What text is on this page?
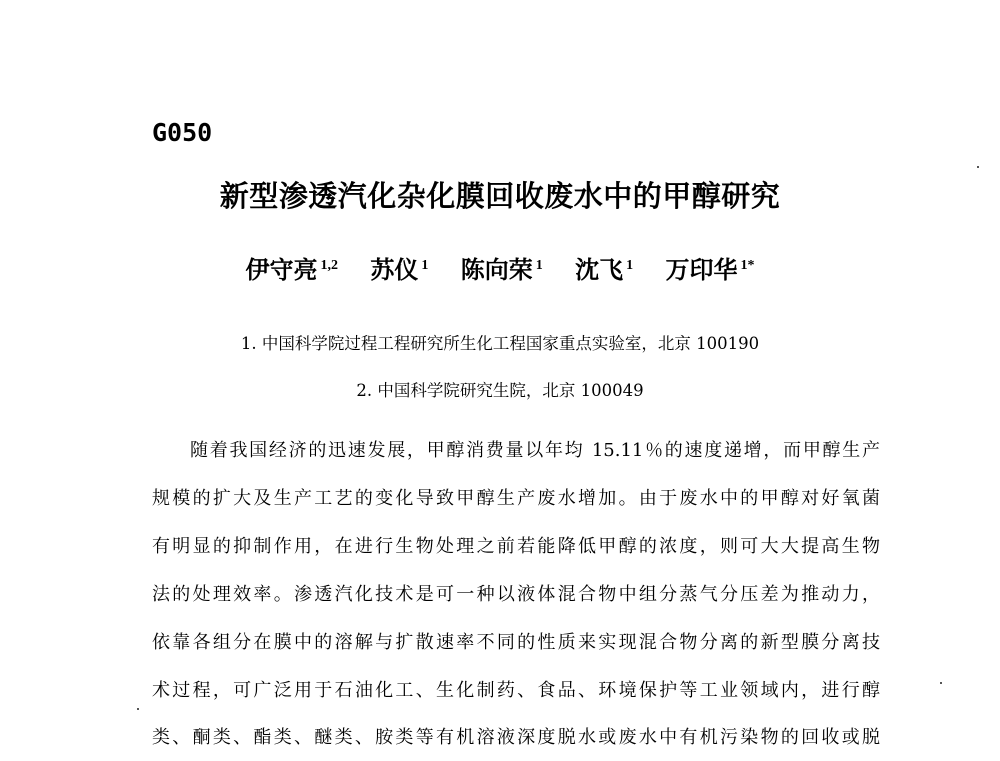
G050
新型渗透汽化杂化膜回收废水中的甲醇研究
伊守亮 $^{1,2}$ 苏仪 $^1$ 陈向荣 $^1$ 沈飞 $^1$ 万印华 $^{1*}$
1. 中国科学院过程工程研究所生化工程国家重点实验室，北京 100190
2. 中国科学院研究生院，北京 100049
随着我国经济的迅速发展，甲醇消费量以年均 15.11％的速度递增，而甲醇生产
规模的扩大及生产工艺的变化导致甲醇生产废水增加。由于废水中的甲醇对好氧菌
有明显的抑制作用，在进行生物处理之前若能降低甲醇的浓度，则可大大提高生物
法的处理效率。渗透汽化技术是可一种以液体混合物中组分蒸气分压差为推动力，
依靠各组分在膜中的溶解与扩散速率不同的性质来实现混合物分离的新型膜分离技
术过程，可广泛用于石油化工、生化制药、食品、环境保护等工业领域内，进行醇
类、酮类、酯类、醚类、胺类等有机溶液深度脱水或废水中有机污染物的回收或脱
